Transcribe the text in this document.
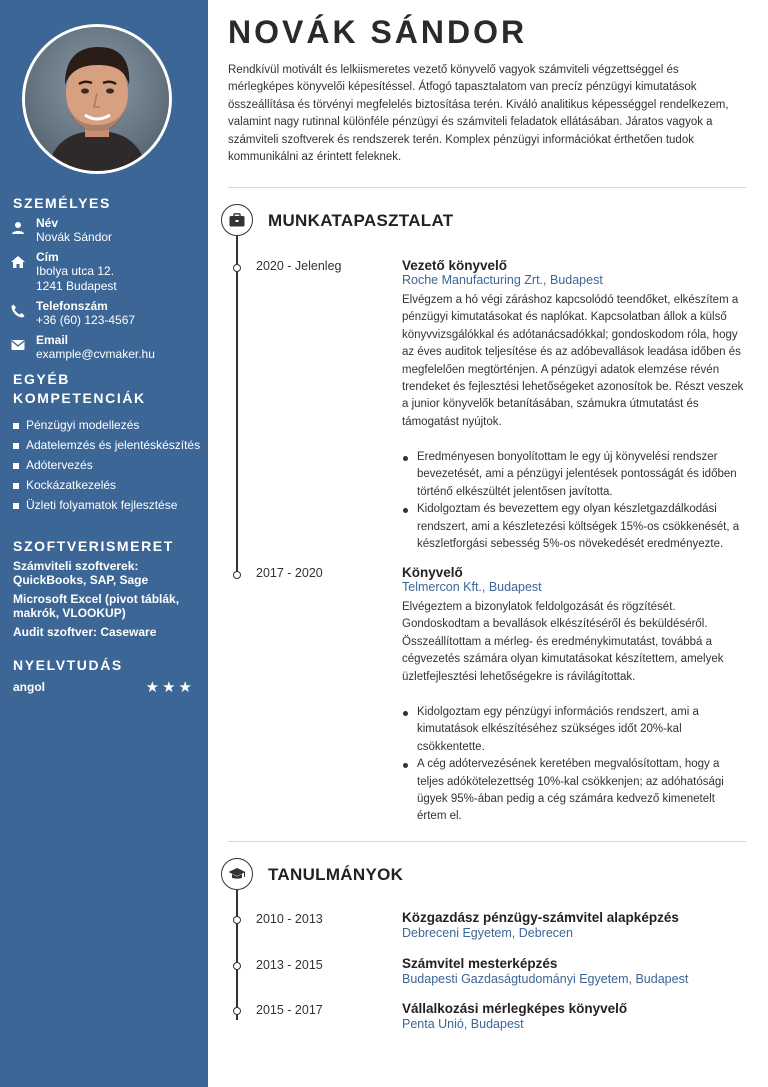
SZEMÉLYES
Név
Novák Sándor
Cím
Ibolya utca 12.
1241 Budapest
Telefonszám
+36 (60) 123-4567
Email
example@cvmaker.hu
EGYÉB
KOMPETENCIÁK
Pénzügyi modellezés
Adatelemzés és jelentéskészítés
Adótervezés
Kockázatkezelés
Üzleti folyamatok fejlesztése
SZOFTVERISMERET
Számviteli szoftverek:
QuickBooks, SAP, Sage
Microsoft Excel (pivot táblák,
makrók, VLOOKUP)
Audit szoftver: Caseware
NYELVTUDÁS
angol	★★★
NOVÁK SÁNDOR
Rendkívül motivált és lelkiismeretes vezető könyvelő vagyok számviteli végzettséggel és mérlegképes könyvelői képesítéssel. Átfogó tapasztalatom van precíz pénzügyi kimutatások összeállítása és törvényi megfelelés biztosítása terén. Kiváló analitikus képességgel rendelkezem, valamint nagy rutinnal különféle pénzügyi és számviteli feladatok ellátásában. Járatos vagyok a számviteli szoftverek és rendszerek terén. Komplex pénzügyi információkat érthetően tudok kommunikálni az érintett feleknek.
MUNKATAPASZTALAT
2020 - Jelenleg	Vezető könyvelő
Roche Manufacturing Zrt., Budapest
Elvégzem a hó végi záráshoz kapcsolódó teendőket, elkészítem a pénzügyi kimutatásokat és naplókat. Kapcsolatban állok a külső könyvvizsgálókkal és adótanácsadókkal; gondoskodom róla, hogy az éves auditok teljesítése és az adóbevallások leadása időben és megfelelően megtörténjen. A pénzügyi adatok elemzése révén trendeket és fejlesztési lehetőségeket azonosítok be. Részt veszek a junior könyvelők betanításában, számukra útmutatást és támogatást nyújtok.
Eredményesen bonyolítottam le egy új könyvelési rendszer bevezetését, ami a pénzügyi jelentések pontosságát és időben történő elkészültét jelentősen javította.
Kidolgoztam és bevezettem egy olyan készletgazdálkodási rendszert, ami a készletezési költségek 15%-os csökkenését, a készletforgási sebesség 5%-os növekedését eredményezte.
2017 - 2020	Könyvelő
Telmercon Kft., Budapest
Elvégeztem a bizonylatok feldolgozását és rögzítését. Gondoskodtam a bevallások elkészítéséről és beküldéséről. Összeállítottam a mérleg- és eredménykimutatást, továbbá a cégvezetés számára olyan kimutatásokat készítettem, amelyek üzletfejlesztési lehetőségekre is rávilágítottak.
Kidolgoztam egy pénzügyi információs rendszert, ami a kimutatások elkészítéséhez szükséges időt 20%-kal csökkentette.
A cég adótervezésének keretében megvalósítottam, hogy a teljes adókötelezettség 10%-kal csökkenjen; az adóhatósági ügyek 95%-ában pedig a cég számára kedvező kimenetelt értem el.
TANULMÁNYOK
2010 - 2013	Közgazdász pénzügy-számvitel alapképzés
Debreceni Egyetem, Debrecen
2013 - 2015	Számvitel mesterképzés
Budapesti Gazdaságtudományi Egyetem, Budapest
2015 - 2017	Vállalkozási mérlegképes könyvelő
Penta Unió, Budapest
